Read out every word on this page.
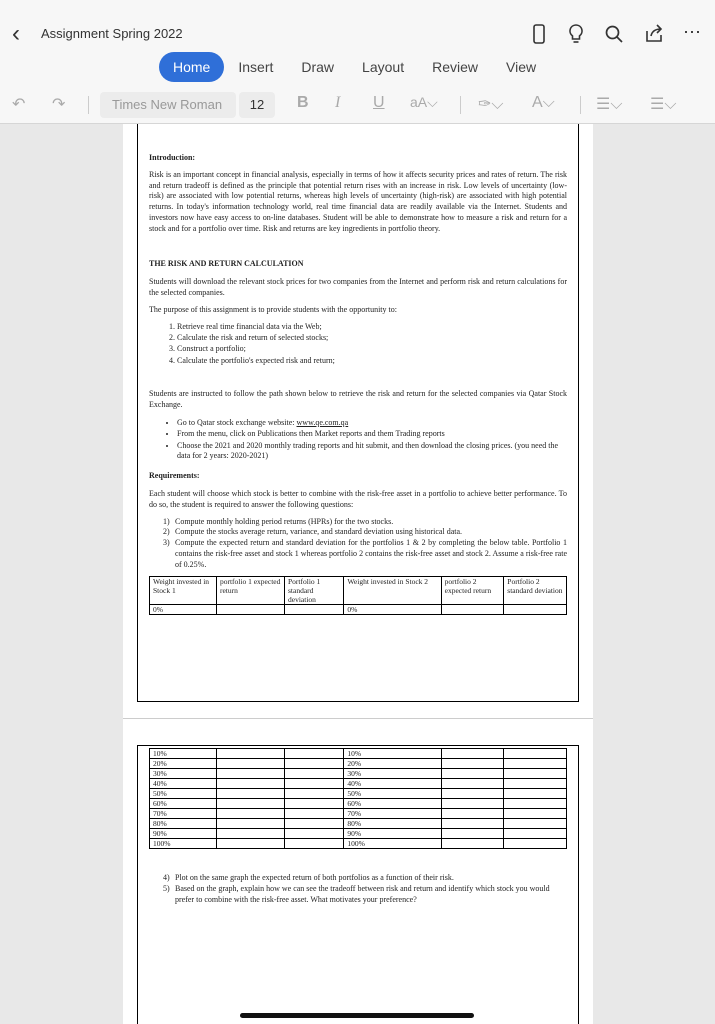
‹ Assignment Spring 2022	⋯
Home	Insert	Draw	Layout	Review	View
↶ ↷	Times New Roman	12	B I U aA⌵	✑⌵ A⌵	☰⌵ ☰⌵

Introduction:

Risk is an important concept in financial analysis, especially in terms of how it affects security prices and rates of return. The risk and return tradeoff is defined as the principle that potential return rises with an increase in risk. Low levels of uncertainty (low-risk) are associated with low potential returns, whereas high levels of uncertainty (high-risk) are associated with high potential returns. In today's information technology world, real time financial data are readily available via the Internet. Students and investors now have easy access to on-line databases. Student will be able to demonstrate how to measure a risk and return for a stock and for a portfolio over time. Risk and returns are key ingredients in portfolio theory.

THE RISK AND RETURN CALCULATION

Students will download the relevant stock prices for two companies from the Internet and perform risk and return calculations for the selected companies.

The purpose of this assignment is to provide students with the opportunity to:

1. Retrieve real time financial data via the Web;
2. Calculate the risk and return of selected stocks;
3. Construct a portfolio;
4. Calculate the portfolio's expected risk and return;

Students are instructed to follow the path shown below to retrieve the risk and return for the selected companies via Qatar Stock Exchange.

• Go to Qatar stock exchange website: www.qe.com.qa
• From the menu, click on Publications then Market reports and them Trading reports
• Choose the 2021 and 2020 monthly trading reports and hit submit, and then download the closing prices. (you need the data for 2 years: 2020-2021)

Requirements:

Each student will choose which stock is better to combine with the risk-free asset in a portfolio to achieve better performance. To do so, the student is required to answer the following questions:

1) Compute monthly holding period returns (HPRs) for the two stocks.
2) Compute the stocks average return, variance, and standard deviation using historical data.
3) Compute the expected return and standard deviation for the portfolios 1 & 2 by completing the below table. Portfolio 1 contains the risk-free asset and stock 1 whereas portfolio 2 contains the risk-free asset and stock 2. Assume a risk-free rate of 0.25%.
Weight invested in Stock 1	portfolio 1 expected return	Portfolio 1 standard deviation	Weight invested in Stock 2	portfolio 2 expected return	Portfolio 2 standard deviation
0%			0%		
10%			10%		
20%			20%		
30%			30%		
40%			40%		
50%			50%		
60%			60%		
70%			70%		
80%			80%		
90%			90%		
100%			100%		
4) Plot on the same graph the expected return of both portfolios as a function of their risk.
5) Based on the graph, explain how we can see the tradeoff between risk and return and identify which stock you would prefer to combine with the risk-free asset. What motivates your preference?
